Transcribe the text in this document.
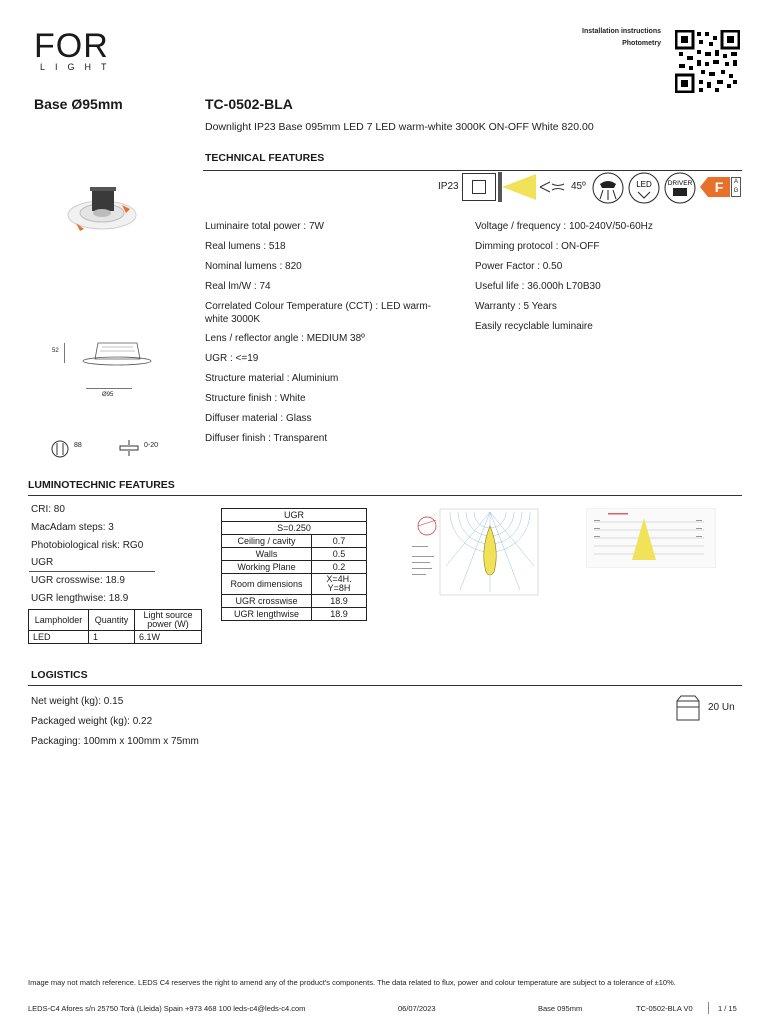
FOR
LIGHT
Installation instructions
Photometry
Base Ø95mm	TC-0502-BLA
Downlight IP23 Base 095mm LED 7 LED warm-white 3000K ON-OFF White 820.00
52
Ø95
88	0-20
TECHNICAL FEATURES
IP23	45º	LED DRIVER	F	A
G
Luminaire total power : 7W
Real lumens : 518
Nominal lumens : 820
Real lm/W : 74
Correlated Colour Temperature (CCT) : LED warm-
white 3000K
Lens / reflector angle : MEDIUM 38º
UGR : <=19
Structure material : Aluminium
Structure finish : White
Diffuser material : Glass
Diffuser finish : Transparent
Voltage / frequency : 100-240V/50-60Hz
Dimming protocol : ON-OFF
Power Factor : 0.50
Useful life : 36.000h L70B30
Warranty : 5 Years
Easily recyclable luminaire
LUMINOTECHNIC FEATURES
CRI: 80
MacAdam steps: 3
Photobiological risk: RG0
UGR
UGR crosswise: 18.9
UGR lengthwise: 18.9
Lampholder	Quantity	Light source power (W)
LED	1	6.1W
UGR	
S=0.250	
Ceiling / cavity	0.7
Walls	0.5
Working Plane	0.2
Room dimensions	X=4H. Y=8H
UGR crosswise	18.9
UGR lengthwise	18.9
LOGISTICS
Net weight (kg): 0.15
Packaged weight (kg): 0.22
Packaging: 100mm x 100mm x 75mm
20 Un
Image may not match reference. LEDS C4 reserves the right to amend any of the product's components. The data related to flux, power and colour temperature are subject to a tolerance of ±10%.
LEDS-C4 Afores s/n 25750 Torà (Lleida) Spain +973 468 100 leds-c4@leds-c4.com	06/07/2023	Base 095mm	TC-0502-BLA V0	1 / 15
